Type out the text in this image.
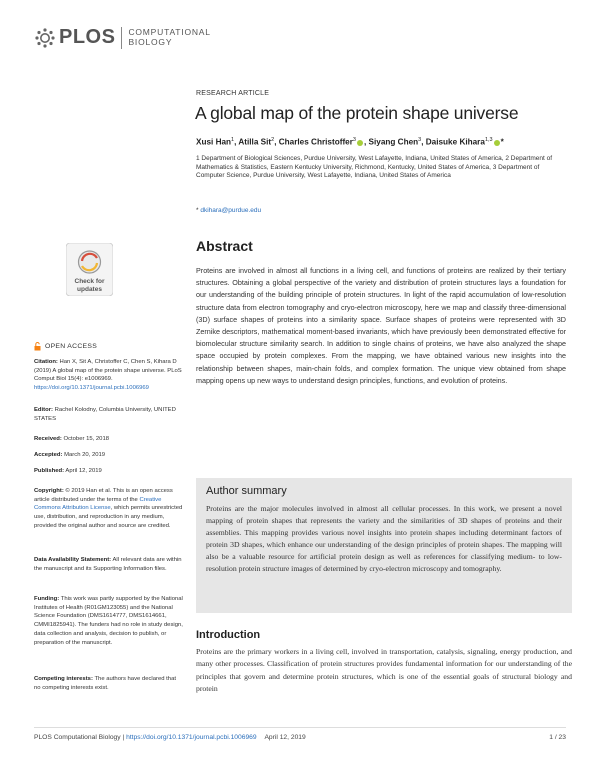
PLOS COMPUTATIONAL
BIOLOGY
RESEARCH ARTICLE
A global map of the protein shape universe
Xusi Han$^1$, Atilla Sit$^2$, Charles Christoffer$^3$ , Siyang Chen$^3$, Daisuke Kihara$^{1,3}$ *
1 Department of Biological Sciences, Purdue University, West Lafayette, Indiana, United States of America, 2 Department of Mathematics & Statistics, Eastern Kentucky University, Richmond, Kentucky, United States of America, 3 Department of Computer Science, Purdue University, West Lafayette, Indiana, United States of America
* dkihara@purdue.edu
Abstract

Proteins are involved in almost all functions in a living cell, and functions of proteins are realized by their tertiary structures. Obtaining a global perspective of the variety and distribution of protein structures lays a foundation for our understanding of the building principle of protein structures. In light of the rapid accumulation of low-resolution structure data from electron tomography and cryo-electron microscopy, here we map and classify three-dimensional (3D) surface shapes of proteins into a similarity space. Surface shapes of proteins were represented with 3D Zernike descriptors, mathematical moment-based invariants, which have previously been demonstrated effective for biomolecular structure similarity search. In addition to single chains of proteins, we have also analyzed the shape space occupied by protein complexes. From the mapping, we have obtained various new insights into the relationship between shapes, main-chain folds, and complex formation. The unique view obtained from shape mapping opens up new ways to understand design principles, functions, and evolution of proteins.

Author summary

Proteins are the major molecules involved in almost all cellular processes. In this work, we present a novel mapping of protein shapes that represents the variety and the similarities of 3D shapes of proteins and their assemblies. This mapping provides various novel insights into protein shapes including determinant factors of protein 3D shapes, which enhance our understanding of the design principles of protein shapes. The mapping will also be a valuable resource for artificial protein design as well as references for classifying medium- to low-resolution protein structure images of determined by cryo-electron microscopy and tomography.

Introduction

Proteins are the primary workers in a living cell, involved in transportation, catalysis, signaling, energy production, and many other processes. Classification of protein structures provides fundamental information for our understanding of the principles that govern and determine protein structures, which is one of the essential goals of structural biology and protein

Check for
updates
OPEN ACCESS
Citation: Han X, Sit A, Christoffer C, Chen S, Kihara D (2019) A global map of the protein shape universe. PLoS Comput Biol 15(4): e1006969. https://doi.org/10.1371/journal.pcbi.1006969
Editor: Rachel Kolodny, Columbia University, UNITED STATES
Received: October 15, 2018
Accepted: March 20, 2019
Published: April 12, 2019
Copyright: © 2019 Han et al. This is an open access article distributed under the terms of the Creative Commons Attribution License, which permits unrestricted use, distribution, and reproduction in any medium, provided the original author and source are credited.
Data Availability Statement: All relevant data are within the manuscript and its Supporting Information files.
Funding: This work was partly supported by the National Institutes of Health (R01GM123055) and the National Science Foundation (DMS1614777, DMS1614661, CMMI1825941). The funders had no role in study design, data collection and analysis, decision to publish, or preparation of the manuscript.
Competing interests: The authors have declared that no competing interests exist.
PLOS Computational Biology | https://doi.org/10.1371/journal.pcbi.1006969 April 12, 2019	1 / 23
